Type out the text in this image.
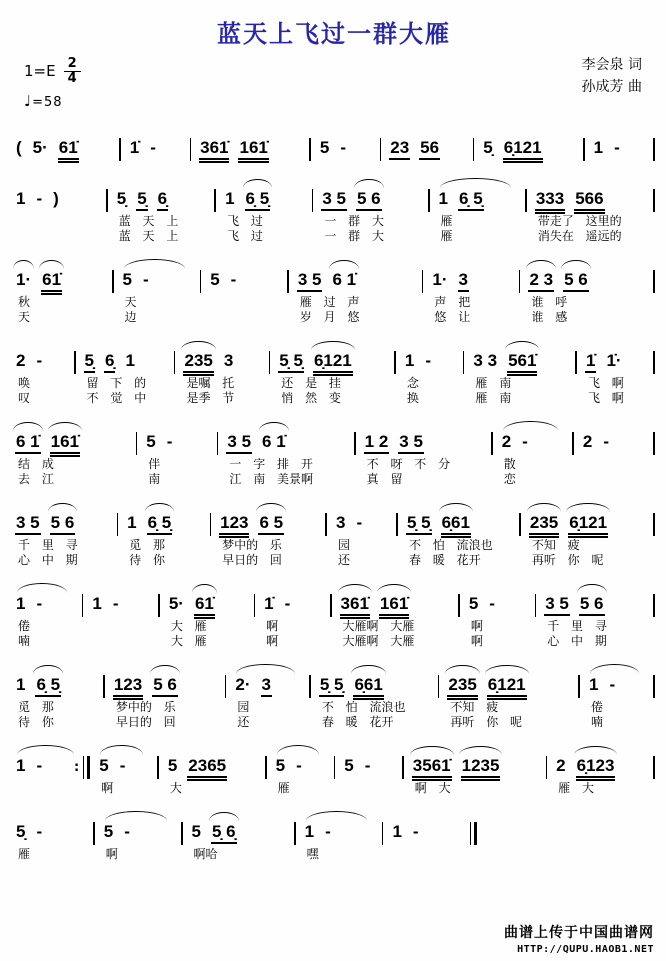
蓝天上飞过一群大雁
$1=E \frac{2}{4}$
♩=58
李会泉 词
孙成芳 曲
( 5· 61̇	1̇ -	361̇ 161̇	5 -	23 56	5̣ 6̣121	1 -
1 - )	5̣ 5̣ 6̣
蓝 天 上
蓝 天 上
1 6̣ 5̣
飞 过
飞 过
3 5 5 6
一 群 大
一 群 大
1 6̣ 5̣
雁
雁
333 566
带走了 这里的
消失在 遥远的
1· 61̇
秋
天
5 -
天
边
5 -	3 5 6 1̇
雁 过 声
岁 月 悠
1· 3
声 把
悠 让
2 3 5 6
谁 呼
谁 感
2 -
唤
叹
5̣ 6̣ 1
留 下 的
不 觉 中
235 3
是嘱 托
是季 节
5̣ 5̣ 6̣121
还 是 挂
悄 然 变
1 -
念
换
3 3 561̇
雁 南
雁 南
1̇ 1̇·
飞 啊
飞 啊
6 1̇ 161̇
结 成
去 江
5 -
伴
南
3 5 6 1̇
一 字 排 开
江 南 美景啊
1 2 3 5
不 呀 不 分
真 留
2 -
散
恋
2 -
3 5 5 6
千 里 寻
心 中 期
1 6̣ 5̣
觅 那
待 你
123 6 5
梦中的 乐
早日的 回
3 -
园
还
5̣ 5̣ 6̣61
不 怕 流浪也
春 暖 花开
235 6̣121
不知 疲
再听 你 呢
1 -
倦
喃
1 -	5· 61̇
大 雁
大 雁
1̇ -
啊
啊
361̇ 161̇
大雁啊 大雁
大雁啊 大雁
5 -
啊
啊
3 5 5 6
千 里 寻
心 中 期
1 6̣ 5̣
觅 那
待 你
123 5 6
梦中的 乐
早日的 回
2· 3
园
还
5̣ 5̣ 6̣61
不 怕 流浪也
春 暖 花开
235 6̣121
不知 疲
再听 你 呢
1 -
倦
喃
1 - : 5 -
啊
5 2365
大
5 -
雁
5 - 3561̇ 1235
啊 大
2 6̣123
雁 大
5̣ -
雁
5 -
啊
5 5̣ 6̣
啊哈
1 -
嘿
1 -
曲谱上传于中国曲谱网
HTTP://QUPU.HAOB1.NET
